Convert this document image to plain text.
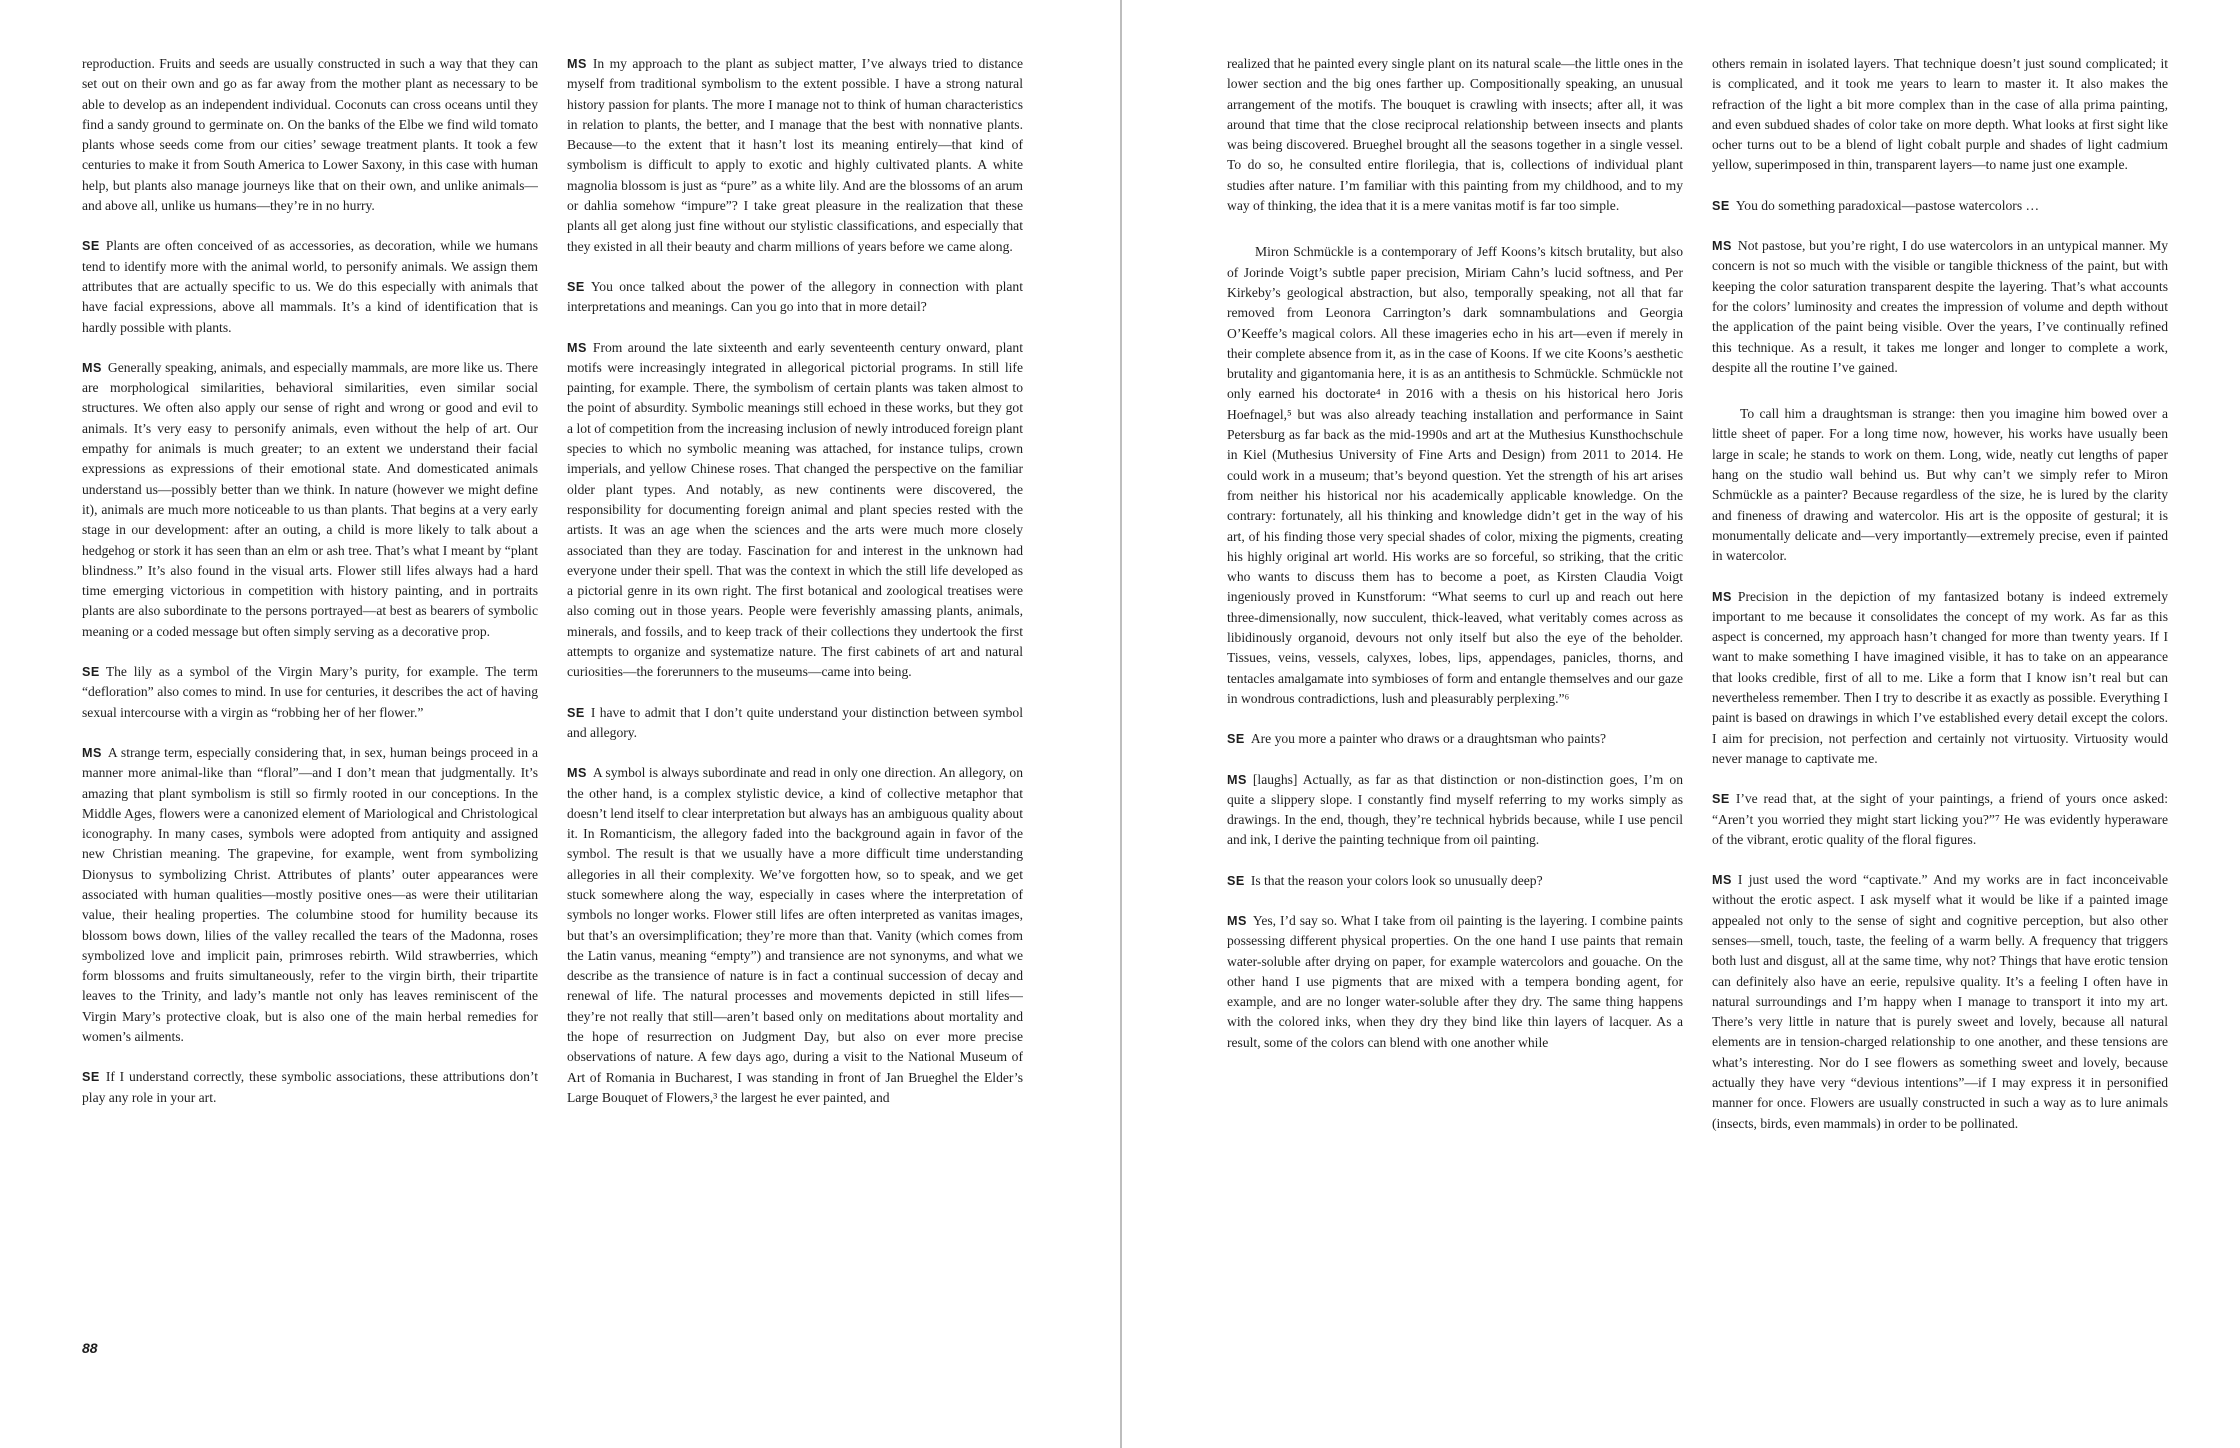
reproduction. Fruits and seeds are usually constructed in such a way that they can set out on their own and go as far away from the mother plant as necessary to be able to develop as an independent individual. Coconuts can cross oceans until they find a sandy ground to germinate on. On the banks of the Elbe we find wild tomato plants whose seeds come from our cities’ sewage treatment plants. It took a few centuries to make it from South America to Lower Saxony, in this case with human help, but plants also manage journeys like that on their own, and unlike animals—and above all, unlike us humans—they’re in no hurry.

SE Plants are often conceived of as accessories, as decoration, while we humans tend to identify more with the animal world, to personify animals. We assign them attributes that are actually specific to us. We do this especially with animals that have facial expressions, above all mammals. It’s a kind of identification that is hardly possible with plants.

MS Generally speaking, animals, and especially mammals, are more like us. There are morphological similarities, behavioral similarities, even similar social structures. We often also apply our sense of right and wrong or good and evil to animals. It’s very easy to personify animals, even without the help of art. Our empathy for animals is much greater; to an extent we understand their facial expressions as expressions of their emotional state. And domesticated animals understand us—possibly better than we think. In nature (however we might define it), animals are much more noticeable to us than plants. That begins at a very early stage in our development: after an outing, a child is more likely to talk about a hedgehog or stork it has seen than an elm or ash tree. That’s what I meant by “plant blindness.” It’s also found in the visual arts. Flower still lifes always had a hard time emerging victorious in competition with history painting, and in portraits plants are also subordinate to the persons portrayed—at best as bearers of symbolic meaning or a coded message but often simply serving as a decorative prop.

SE The lily as a symbol of the Virgin Mary’s purity, for example. The term “defloration” also comes to mind. In use for centuries, it describes the act of having sexual intercourse with a virgin as “robbing her of her flower.”

MS A strange term, especially considering that, in sex, human beings proceed in a manner more animal-like than “floral”—and I don’t mean that judgmentally. It’s amazing that plant symbolism is still so firmly rooted in our conceptions. In the Middle Ages, flowers were a canonized element of Mariological and Christological iconography. In many cases, symbols were adopted from antiquity and assigned new Christian meaning. The grapevine, for example, went from symbolizing Dionysus to symbolizing Christ. Attributes of plants’ outer appearances were associated with human qualities—mostly positive ones—as were their utilitarian value, their healing properties. The columbine stood for humility because its blossom bows down, lilies of the valley recalled the tears of the Madonna, roses symbolized love and implicit pain, primroses rebirth. Wild strawberries, which form blossoms and fruits simultaneously, refer to the virgin birth, their tripartite leaves to the Trinity, and lady’s mantle not only has leaves reminiscent of the Virgin Mary’s protective cloak, but is also one of the main herbal remedies for women’s ailments.

SE If I understand correctly, these symbolic associations, these attributions don’t play any role in your art.

MS In my approach to the plant as subject matter, I’ve always tried to distance myself from traditional symbolism to the extent possible. I have a strong natural history passion for plants. The more I manage not to think of human characteristics in relation to plants, the better, and I manage that the best with nonnative plants. Because—to the extent that it hasn’t lost its meaning entirely—that kind of symbolism is difficult to apply to exotic and highly cultivated plants. A white magnolia blossom is just as “pure” as a white lily. And are the blossoms of an arum or dahlia somehow “impure”? I take great pleasure in the realization that these plants all get along just fine without our stylistic classifications, and especially that they existed in all their beauty and charm millions of years before we came along.

SE You once talked about the power of the allegory in connection with plant interpretations and meanings. Can you go into that in more detail?

MS From around the late sixteenth and early seventeenth century onward, plant motifs were increasingly integrated in allegorical pictorial programs. In still life painting, for example. There, the symbolism of certain plants was taken almost to the point of absurdity. Symbolic meanings still echoed in these works, but they got a lot of competition from the increasing inclusion of newly introduced foreign plant species to which no symbolic meaning was attached, for instance tulips, crown imperials, and yellow Chinese roses. That changed the perspective on the familiar older plant types. And notably, as new continents were discovered, the responsibility for documenting foreign animal and plant species rested with the artists. It was an age when the sciences and the arts were much more closely associated than they are today. Fascination for and interest in the unknown had everyone under their spell. That was the context in which the still life developed as a pictorial genre in its own right. The first botanical and zoological treatises were also coming out in those years. People were feverishly amassing plants, animals, minerals, and fossils, and to keep track of their collections they undertook the first attempts to organize and systematize nature. The first cabinets of art and natural curiosities—the forerunners to the museums—came into being.

SE I have to admit that I don’t quite understand your distinction between symbol and allegory.

MS A symbol is always subordinate and read in only one direction. An allegory, on the other hand, is a complex stylistic device, a kind of collective metaphor that doesn’t lend itself to clear interpretation but always has an ambiguous quality about it. In Romanticism, the allegory faded into the background again in favor of the symbol. The result is that we usually have a more difficult time understanding allegories in all their complexity. We’ve forgotten how, so to speak, and we get stuck somewhere along the way, especially in cases where the interpretation of symbols no longer works. Flower still lifes are often interpreted as vanitas images, but that’s an oversimplification; they’re more than that. Vanity (which comes from the Latin vanus, meaning “empty”) and transience are not synonyms, and what we describe as the transience of nature is in fact a continual succession of decay and renewal of life. The natural processes and movements depicted in still lifes—they’re not really that still—aren’t based only on meditations about mortality and the hope of resurrection on Judgment Day, but also on ever more precise observations of nature. A few days ago, during a visit to the National Museum of Art of Romania in Bucharest, I was standing in front of Jan Brueghel the Elder’s Large Bouquet of Flowers,³ the largest he ever painted, and

realized that he painted every single plant on its natural scale—the little ones in the lower section and the big ones farther up. Compositionally speaking, an unusual arrangement of the motifs. The bouquet is crawling with insects; after all, it was around that time that the close reciprocal relationship between insects and plants was being discovered. Brueghel brought all the seasons together in a single vessel. To do so, he consulted entire florilegia, that is, collections of individual plant studies after nature. I’m familiar with this painting from my childhood, and to my way of thinking, the idea that it is a mere vanitas motif is far too simple.

Miron Schmückle is a contemporary of Jeff Koons’s kitsch brutality, but also of Jorinde Voigt’s subtle paper precision, Miriam Cahn’s lucid softness, and Per Kirkeby’s geological abstraction, but also, temporally speaking, not all that far removed from Leonora Carrington’s dark somnambulations and Georgia O’Keeffe’s magical colors. All these imageries echo in his art—even if merely in their complete absence from it, as in the case of Koons. If we cite Koons’s aesthetic brutality and gigantomania here, it is as an antithesis to Schmückle. Schmückle not only earned his doctorate⁴ in 2016 with a thesis on his historical hero Joris Hoefnagel,⁵ but was also already teaching installation and performance in Saint Petersburg as far back as the mid-1990s and art at the Muthesius Kunsthochschule in Kiel (Muthesius University of Fine Arts and Design) from 2011 to 2014. He could work in a museum; that’s beyond question. Yet the strength of his art arises from neither his historical nor his academically applicable knowledge. On the contrary: fortunately, all his thinking and knowledge didn’t get in the way of his art, of his finding those very special shades of color, mixing the pigments, creating his highly original art world. His works are so forceful, so striking, that the critic who wants to discuss them has to become a poet, as Kirsten Claudia Voigt ingeniously proved in Kunstforum: “What seems to curl up and reach out here three-dimensionally, now succulent, thick-leaved, what veritably comes across as libidinously organoid, devours not only itself but also the eye of the beholder. Tissues, veins, vessels, calyxes, lobes, lips, appendages, panicles, thorns, and tentacles amalgamate into symbioses of form and entangle themselves and our gaze in wondrous contradictions, lush and pleasurably perplexing.”⁶

SE Are you more a painter who draws or a draughtsman who paints?

MS [laughs] Actually, as far as that distinction or non-distinction goes, I’m on quite a slippery slope. I constantly find myself referring to my works simply as drawings. In the end, though, they’re technical hybrids because, while I use pencil and ink, I derive the painting technique from oil painting.

SE Is that the reason your colors look so unusually deep?

MS Yes, I’d say so. What I take from oil painting is the layering. I combine paints possessing different physical properties. On the one hand I use paints that remain water-soluble after drying on paper, for example watercolors and gouache. On the other hand I use pigments that are mixed with a tempera bonding agent, for example, and are no longer water-soluble after they dry. The same thing happens with the colored inks, when they dry they bind like thin layers of lacquer. As a result, some of the colors can blend with one another while

others remain in isolated layers. That technique doesn’t just sound complicated; it is complicated, and it took me years to learn to master it. It also makes the refraction of the light a bit more complex than in the case of alla prima painting, and even subdued shades of color take on more depth. What looks at first sight like ocher turns out to be a blend of light cobalt purple and shades of light cadmium yellow, superimposed in thin, transparent layers—to name just one example.

SE You do something paradoxical—pastose watercolors …

MS Not pastose, but you’re right, I do use watercolors in an untypical manner. My concern is not so much with the visible or tangible thickness of the paint, but with keeping the color saturation transparent despite the layering. That’s what accounts for the colors’ luminosity and creates the impression of volume and depth without the application of the paint being visible. Over the years, I’ve continually refined this technique. As a result, it takes me longer and longer to complete a work, despite all the routine I’ve gained.

To call him a draughtsman is strange: then you imagine him bowed over a little sheet of paper. For a long time now, however, his works have usually been large in scale; he stands to work on them. Long, wide, neatly cut lengths of paper hang on the studio wall behind us. But why can’t we simply refer to Miron Schmückle as a painter? Because regardless of the size, he is lured by the clarity and fineness of drawing and watercolor. His art is the opposite of gestural; it is monumentally delicate and—very importantly—extremely precise, even if painted in watercolor.

MS Precision in the depiction of my fantasized botany is indeed extremely important to me because it consolidates the concept of my work. As far as this aspect is concerned, my approach hasn’t changed for more than twenty years. If I want to make something I have imagined visible, it has to take on an appearance that looks credible, first of all to me. Like a form that I know isn’t real but can nevertheless remember. Then I try to describe it as exactly as possible. Everything I paint is based on drawings in which I’ve established every detail except the colors. I aim for precision, not perfection and certainly not virtuosity. Virtuosity would never manage to captivate me.

SE I’ve read that, at the sight of your paintings, a friend of yours once asked: “Aren’t you worried they might start licking you?”⁷ He was evidently hyperaware of the vibrant, erotic quality of the floral figures.

MS I just used the word “captivate.” And my works are in fact inconceivable without the erotic aspect. I ask myself what it would be like if a painted image appealed not only to the sense of sight and cognitive perception, but also other senses—smell, touch, taste, the feeling of a warm belly. A frequency that triggers both lust and disgust, all at the same time, why not? Things that have erotic tension can definitely also have an eerie, repulsive quality. It’s a feeling I often have in natural surroundings and I’m happy when I manage to transport it into my art. There’s very little in nature that is purely sweet and lovely, because all natural elements are in tension-charged relationship to one another, and these tensions are what’s interesting. Nor do I see flowers as something sweet and lovely, because actually they have very “devious intentions”—if I may express it in personified manner for once. Flowers are usually constructed in such a way as to lure animals (insects, birds, even mammals) in order to be pollinated.

88
